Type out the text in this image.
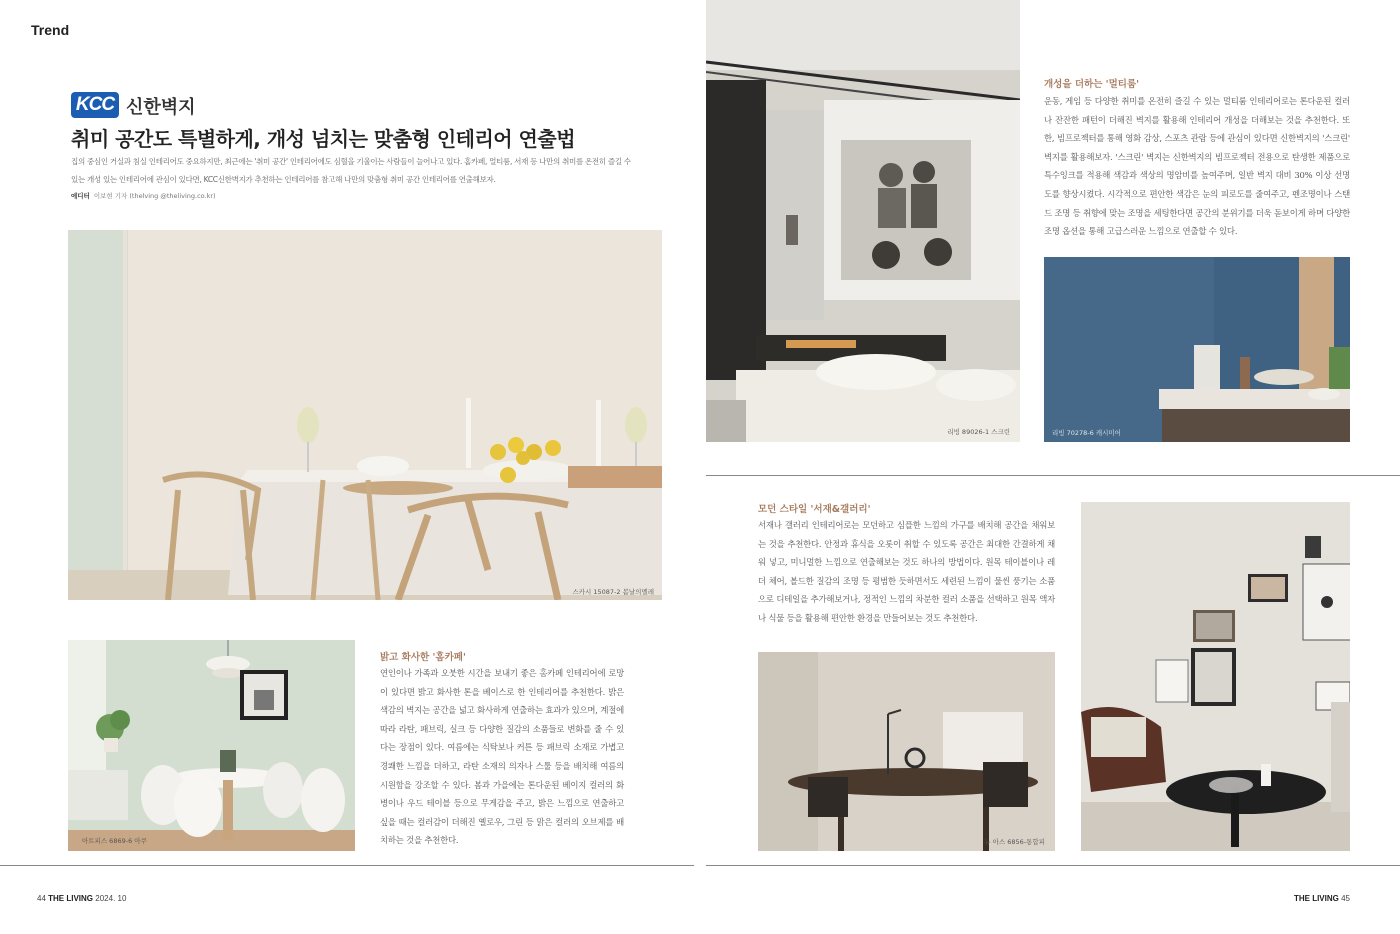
Trend
KCC 신한벽지
취미 공간도 특별하게, 개성 넘치는 맞춤형 인테리어 연출법
집의 중심인 거실과 침실 인테리어도 중요하지만, 최근에는 '취미 공간' 인테리어에도 심혈을 기울이는 사람들이 늘어나고 있다. 홈카페, 멀티룸, 서재 등 나만의 취미를 온전히 즐길 수 있는 개성 있는 인테리어에 관심이 있다면, KCC신한벽지가 추천하는 인테리어를 참고해 나만의 맞춤형 취미 공간 인테리어를 연출해보자.
에디터 이보현 기자 (thelving @theliving.co.kr)
스카시 15087-2 봄날의멜레
아트피스 6869-6 아쿠
밝고 화사한 '홈카페'
연인이나 가족과 오붓한 시간을 보내기 좋은 홈카페 인테리어에 로망이 있다면 밝고 화사한 톤을 베이스로 한 인테리어를 추천한다. 밝은 색감의 벽지는 공간을 넓고 화사하게 연출하는 효과가 있으며, 계절에 따라 라탄, 패브릭, 실크 등 다양한 질감의 소품들로 변화를 줄 수 있다는 장점이 있다. 여름에는 식탁보나 커튼 등 패브릭 소재로 가볍고 경쾌한 느낌을 더하고, 라탄 소재의 의자나 스툴 등을 배치해 여름의 시원함을 강조할 수 있다. 봄과 가을에는 톤다운된 베이지 컬러의 화병이나 우드 테이블 등으로 무게감을 주고, 밝은 느낌으로 연출하고 싶을 때는 컬러감이 더해진 옐로우, 그린 등 맑은 컬러의 오브제를 배치하는 것을 추천한다.
44 THE LIVING 2024. 10
리빙 89026-1 스크린
개성을 더하는 '멀티룸'
운동, 게임 등 다양한 취미를 온전히 즐길 수 있는 멀티룸 인테리어로는 톤다운된 컬러나 잔잔한 패턴이 더해진 벽지를 활용해 인테리어 개성을 더해보는 것을 추천한다. 또한, 빔프로젝터를 통해 영화 감상, 스포츠 관람 등에 관심이 있다면 신한벽지의 '스크린' 벽지를 활용해보자. '스크린' 벽지는 신한벽지의 빔프로젝터 전용으로 탄생한 제품으로 특수잉크를 적용해 색감과 색상의 명암비를 높여주며, 일반 벽지 대비 30% 이상 선명도를 향상시켰다. 시각적으로 편안한 색감은 눈의 피로도를 줄여주고, 펜조명이나 스탠드 조명 등 취향에 맞는 조명을 세팅한다면 공간의 분위기를 더욱 돋보이게 하며 다양한 조명 옵션을 통해 고급스러운 느낌으로 연출할 수 있다.
리빙 70278-6 캐시미어
모던 스타일 '서재&갤러리'
서재나 갤러리 인테리어로는 모던하고 심플한 느낌의 가구를 배치해 공간을 채워보는 것을 추천한다. 안정과 휴식을 오롯이 취할 수 있도록 공간은 최대한 간결하게 채워 넣고, 미니멀한 느낌으로 연출해보는 것도 하나의 방법이다. 원목 테이블이나 레더 체어, 볼드한 질감의 조명 등 평범한 듯하면서도 세련된 느낌이 물씬 풍기는 소품으로 디테일을 추가해보거나, 정적인 느낌의 차분한 컬러 소품을 선택하고 원목 액자나 식물 등을 활용해 편안한 환경을 만들어보는 것도 추천한다.
뉴 아스 6856-통합피
THE LIVING 45
